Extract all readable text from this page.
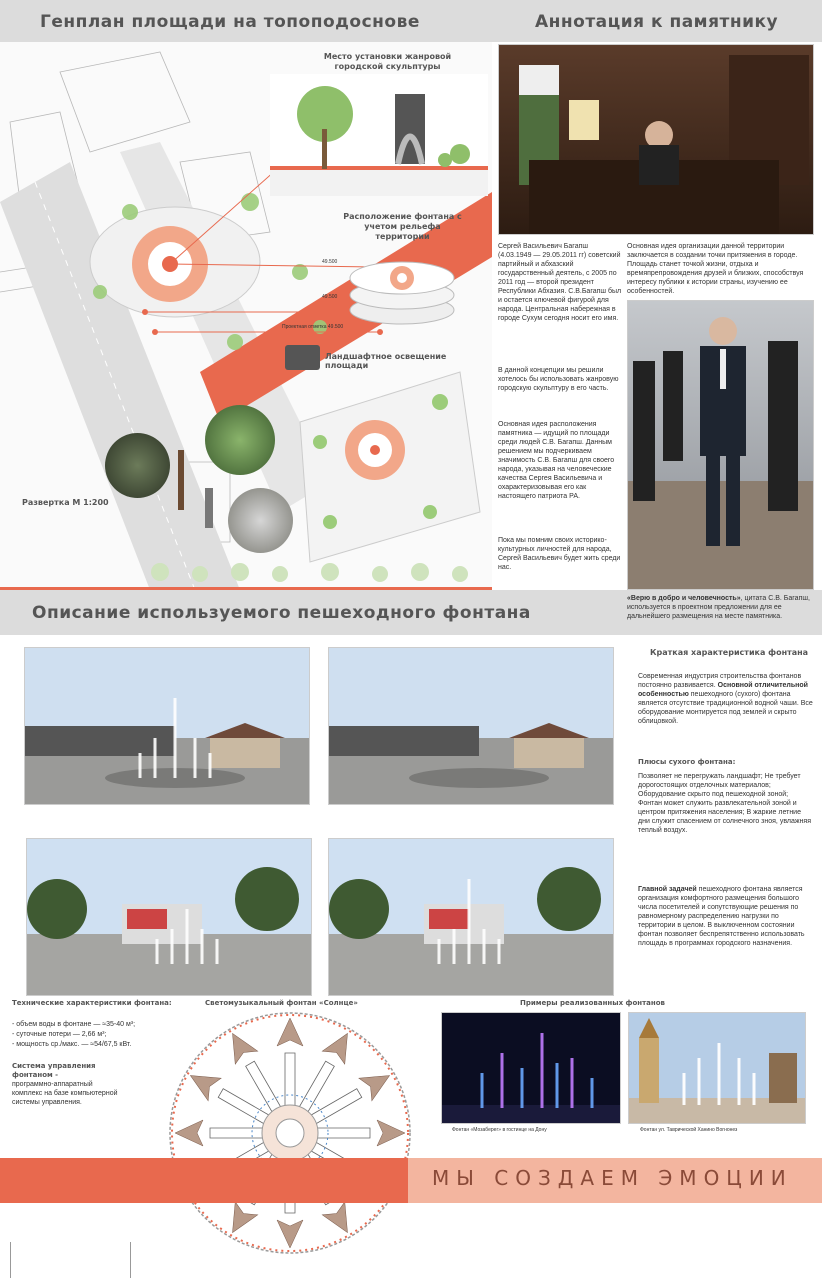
Генплан площади на топоподоснове	Аннотация к памятнику
Место установки жанровой городской скульптуры
Расположение фонтана с учетом рельефа территории
49.500
49.500
Проектная отметка 49.500
Ландшафтное освещение площади
Развертка М 1:200
Сергей Васильевич Багапш (4.03.1949 — 29.05.2011 гг) советский партийный и абхазский государственный деятель, с 2005 по 2011 год — второй президент Республики Абхазия. С.В.Багапш был и остается ключевой фигурой для народа. Центральная набережная в городе Сухум сегодня носит его имя.
В данной концепции мы решили хотелось бы использовать жанровую городскую скульптуру в его часть.
Основная идея расположения памятника — идущий по площади среди людей С.В. Багапш. Данным решением мы подчеркиваем значимость С.В. Багапш для своего народа, указывая на человеческие качества Сергея Васильевича и охарактеризовывая его как настоящего патриота РА.
Пока мы помним своих историко-культурных личностей для народа, Сергей Васильевич будет жить среди нас.
Основная идея организации данной территории заключается в создании точки притяжения в городе. Площадь станет точкой жизни, отдыха и времяпрепровождения друзей и близких, способствуя интересу публики к истории страны, изучению ее особенностей.
«Верю в добро и человечность», цитата С.В. Багапш, используется в проектном предложении для ее дальнейшего размещения на месте памятника.
Описание используемого пешеходного фонтана
Краткая характеристика фонтана
Современная индустрия строительства фонтанов постоянно развивается. Основной отличительной особенностью пешеходного (сухого) фонтана является отсутствие традиционной водной чаши. Все оборудование монтируется под землей и скрыто облицовкой.
Плюсы сухого фонтана:
Позволяет не перегружать ландшафт; Не требует дорогостоящих отделочных материалов; Оборудование скрыто под пешеходной зоной; Фонтан может служить развлекательной зоной и центром притяжения населения; В жаркие летние дни служит спасением от солнечного зноя, увлажняя теплый воздух.
Главной задачей пешеходного фонтана является организация комфортного размещения большого числа посетителей и сопутствующие решения по равномерному распределению нагрузки по территории в целом. В выключенном состоянии фонтан позволяет беспрепятственно использовать площадь в программах городского назначения.
Технические характеристики фонтана:
- объем воды в фонтане — ≈35-40 м³;
- суточные потери — 2,66 м³;
- мощность ср./макс. — ≈54/67,5 кВт.
Система управления фонтаном -
программно-аппаратный комплекс на базе компьютерной системы управления.
Светомузыкальный фонтан «Солнце»	Примеры реализованных фонтанов
Фонтан «Мозаберег» в гостинце на Дону	Фонтан ул. Таврической Ханино Вогнонез
МЫ СОЗДАЕМ ЭМОЦИИ
